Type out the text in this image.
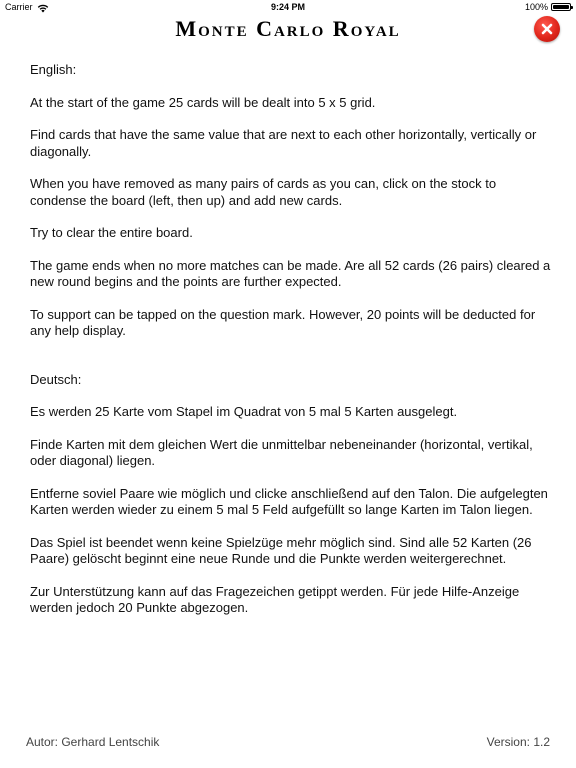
Carrier	9:24 PM	100%
Monte Carlo Royal

English:

At the start of the game 25 cards will be dealt into 5 x 5 grid.

Find cards that have the same value that are next to each other horizontally, vertically or diagonally.

When you have removed as many pairs of cards as you can, click on the stock to condense the board (left, then up) and add new cards.

Try to clear the entire board.

The game ends when no more matches can be made. Are all 52 cards (26 pairs) cleared a new round begins and the points are further expected.

To support can be tapped on the question mark. However, 20 points will be deducted for any help display.

Deutsch:

Es werden 25 Karte vom Stapel im Quadrat von 5 mal 5 Karten ausgelegt.

Finde Karten mit dem gleichen Wert die unmittelbar nebeneinander (horizontal, vertikal, oder diagonal) liegen.

Entferne soviel Paare wie möglich und clicke anschließend auf den Talon. Die aufgelegten Karten werden wieder zu einem 5 mal 5 Feld aufgefüllt so lange Karten im Talon liegen.

Das Spiel ist beendet wenn keine Spielzüge mehr möglich sind. Sind alle 52 Karten (26 Paare) gelöscht beginnt eine neue Runde und die Punkte werden weitergerechnet.

Zur Unterstützung kann auf das Fragezeichen getippt werden. Für jede Hilfe-Anzeige werden jedoch 20 Punkte abgezogen.

Autor: Gerhard Lentschik	Version: 1.2
